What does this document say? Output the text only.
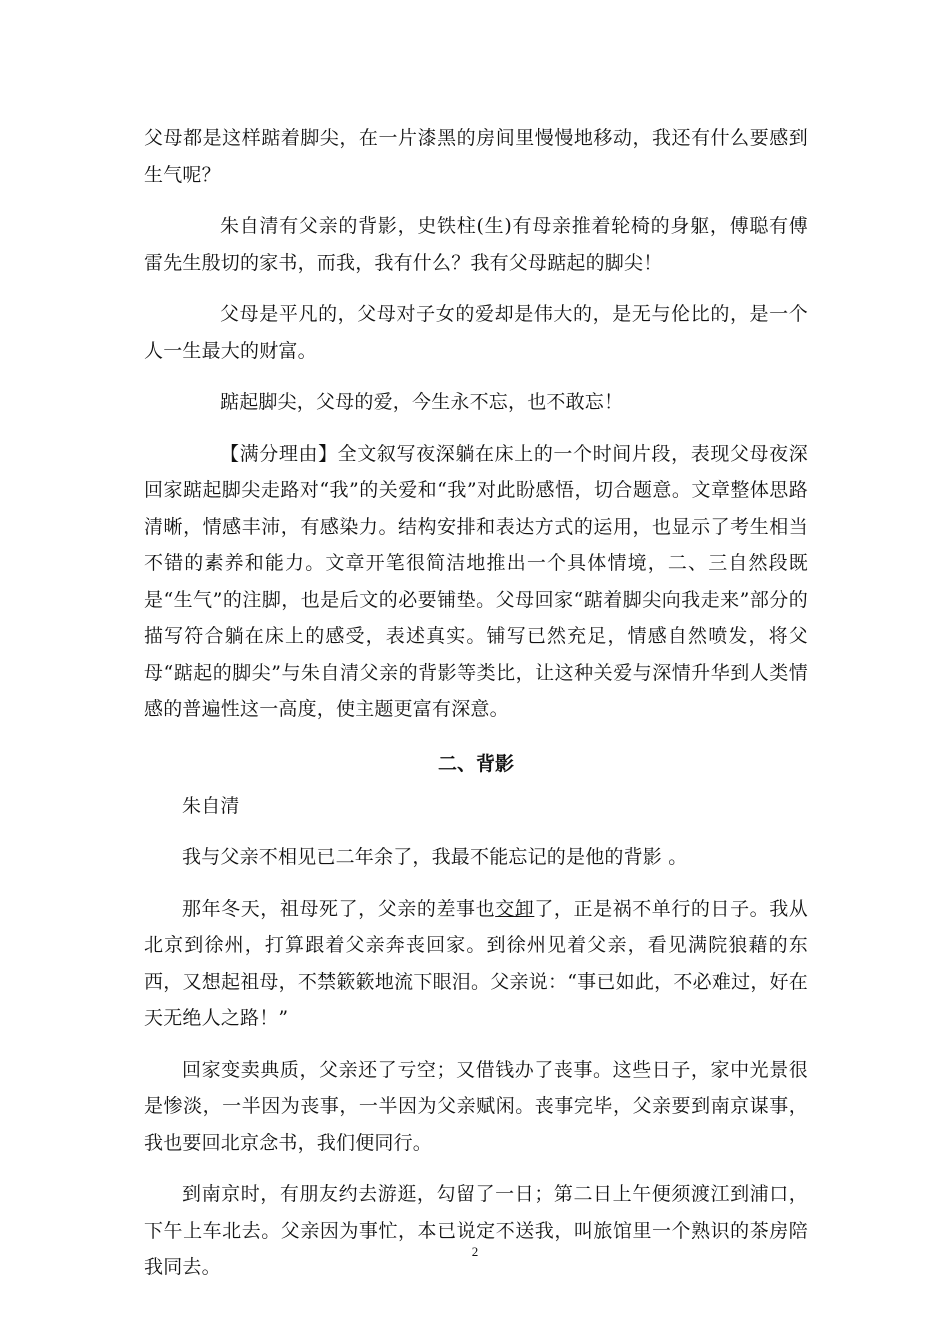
父母都是这样踮着脚尖，在一片漆黑的房间里慢慢地移动，我还有什么要感到生气呢？

朱自清有父亲的背影，史铁柱(生)有母亲推着轮椅的身躯，傅聪有傅雷先生殷切的家书，而我，我有什么？我有父母踮起的脚尖！

父母是平凡的，父母对子女的爱却是伟大的，是无与伦比的，是一个人一生最大的财富。

踮起脚尖，父母的爱，今生永不忘，也不敢忘！

【满分理由】全文叙写夜深躺在床上的一个时间片段，表现父母夜深回家踮起脚尖走路对“我”的关爱和“我”对此盼感悟，切合题意。文章整体思路清晰，情感丰沛，有感染力。结构安排和表达方式的运用，也显示了考生相当不错的素养和能力。文章开笔很简洁地推出一个具体情境，二、三自然段既是“生气”的注脚，也是后文的必要铺垫。父母回家“踮着脚尖向我走来”部分的描写符合躺在床上的感受，表述真实。铺写已然充足，情感自然喷发，将父母“踮起的脚尖”与朱自清父亲的背影等类比，让这种关爱与深情升华到人类情感的普遍性这一高度，使主题更富有深意。

二、背影

朱自清

我与父亲不相见已二年余了，我最不能忘记的是他的背影 。

那年冬天，祖母死了，父亲的差事也交卸了，正是祸不单行的日子。我从北京到徐州，打算跟着父亲奔丧回家。到徐州见着父亲，看见满院狼藉的东西，又想起祖母，不禁簌簌地流下眼泪。父亲说：“事已如此，不必难过，好在天无绝人之路！”

回家变卖典质，父亲还了亏空；又借钱办了丧事。这些日子，家中光景很是惨淡，一半因为丧事，一半因为父亲赋闲。丧事完毕，父亲要到南京谋事，我也要回北京念书，我们便同行。

到南京时，有朋友约去游逛，勾留了一日；第二日上午便须渡江到浦口，下午上车北去。父亲因为事忙，本已说定不送我，叫旅馆里一个熟识的茶房陪我同去。

2
